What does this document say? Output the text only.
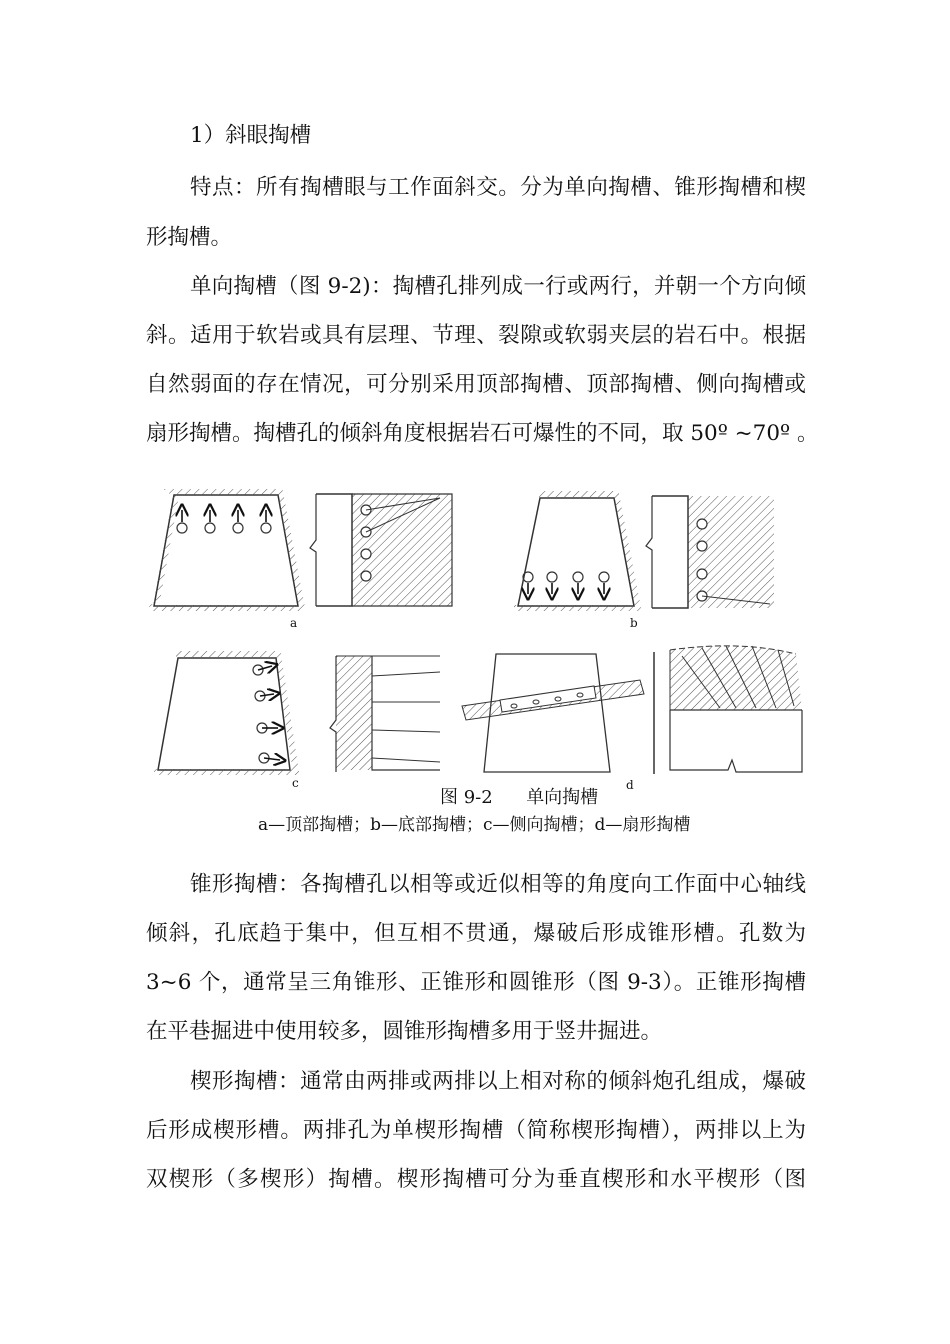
1）斜眼掏槽
特点：所有掏槽眼与工作面斜交。分为单向掏槽、锥形掏槽和楔
形掏槽。
单向掏槽（图 9-2)：掏槽孔排列成一行或两行，并朝一个方向倾
斜。适用于软岩或具有层理、节理、裂隙或软弱夹层的岩石中。根据
自然弱面的存在情况，可分别采用顶部掏槽、顶部掏槽、侧向掏槽或
扇形掏槽。掏槽孔的倾斜角度根据岩石可爆性的不同，取 50º ~70º 。
a	b
c	d
图 9-2 单向掏槽
a—顶部掏槽；b—底部掏槽；c—侧向掏槽；d—扇形掏槽
锥形掏槽：各掏槽孔以相等或近似相等的角度向工作面中心轴线
倾斜，孔底趋于集中，但互相不贯通，爆破后形成锥形槽。孔数为
3~6 个，通常呈三角锥形、正锥形和圆锥形（图 9-3）。正锥形掏槽
在平巷掘进中使用较多，圆锥形掏槽多用于竖井掘进。
楔形掏槽：通常由两排或两排以上相对称的倾斜炮孔组成，爆破
后形成楔形槽。两排孔为单楔形掏槽（简称楔形掏槽），两排以上为
双楔形（多楔形）掏槽。楔形掏槽可分为垂直楔形和水平楔形（图
